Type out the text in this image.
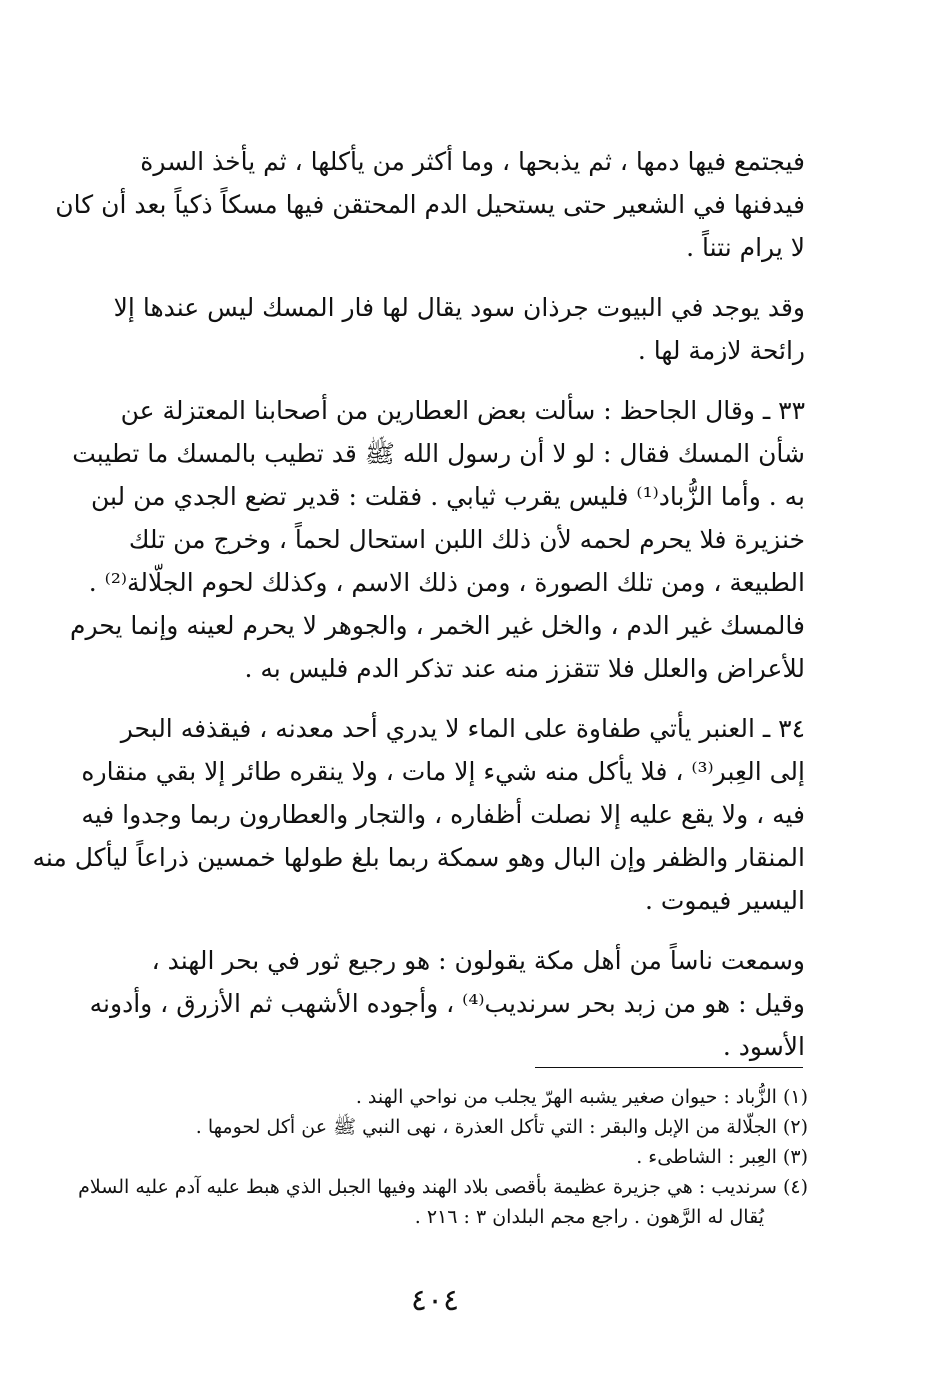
فيجتمع فيها دمها ، ثم يذبحها ، وما أكثر من يأكلها ، ثم يأخذ السرة
فيدفنها في الشعير حتى يستحيل الدم المحتقن فيها مسكاً ذكياً بعد أن كان
لا يرام نتناً .
وقد يوجد في البيوت جرذان سود يقال لها فار المسك ليس عندها إلا
رائحة لازمة لها .
٣٣ ـ وقال الجاحظ : سألت بعض العطارين من أصحابنا المعتزلة عن
شأن المسك فقال : لو لا أن رسول الله ﷺ قد تطيب بالمسك ما تطيبت
به . وأما الزُّباد⁽¹⁾ فليس يقرب ثيابي . فقلت : قدير تضع الجدي من لبن
خنزيرة فلا يحرم لحمه لأن ذلك اللبن استحال لحماً ، وخرج من تلك
الطبيعة ، ومن تلك الصورة ، ومن ذلك الاسم ، وكذلك لحوم الجلّالة⁽²⁾ .
فالمسك غير الدم ، والخل غير الخمر ، والجوهر لا يحرم لعينه وإنما يحرم
للأعراض والعلل فلا تتقزز منه عند تذكر الدم فليس به .
٣٤ ـ العنبر يأتي طفاوة على الماء لا يدري أحد معدنه ، فيقذفه البحر
إلى العِبر⁽³⁾ ، فلا يأكل منه شيء إلا مات ، ولا ينقره طائر إلا بقي منقاره
فيه ، ولا يقع عليه إلا نصلت أظفاره ، والتجار والعطارون ربما وجدوا فيه
المنقار والظفر وإن البال وهو سمكة ربما بلغ طولها خمسين ذراعاً ليأكل منه
اليسير فيموت .
وسمعت ناساً من أهل مكة يقولون : هو رجيع ثور في بحر الهند ،
وقيل : هو من زبد بحر سرنديب⁽⁴⁾ ، وأجوده الأشهب ثم الأزرق ، وأدونه
الأسود .
(١) الزُّباد : حيوان صغير يشبه الهرّ يجلب من نواحي الهند .
(٢) الجلّالة من الإبل والبقر : التي تأكل العذرة ، نهى النبي ﷺ عن أكل لحومها .
(٣) العِبر : الشاطىء .
(٤) سرنديب : هي جزيرة عظيمة بأقصى بلاد الهند وفيها الجبل الذي هبط عليه آدم عليه السلام
يُقال له الرَّهون . راجع مجم البلدان ٣ : ٢١٦ .
٤٠٤
